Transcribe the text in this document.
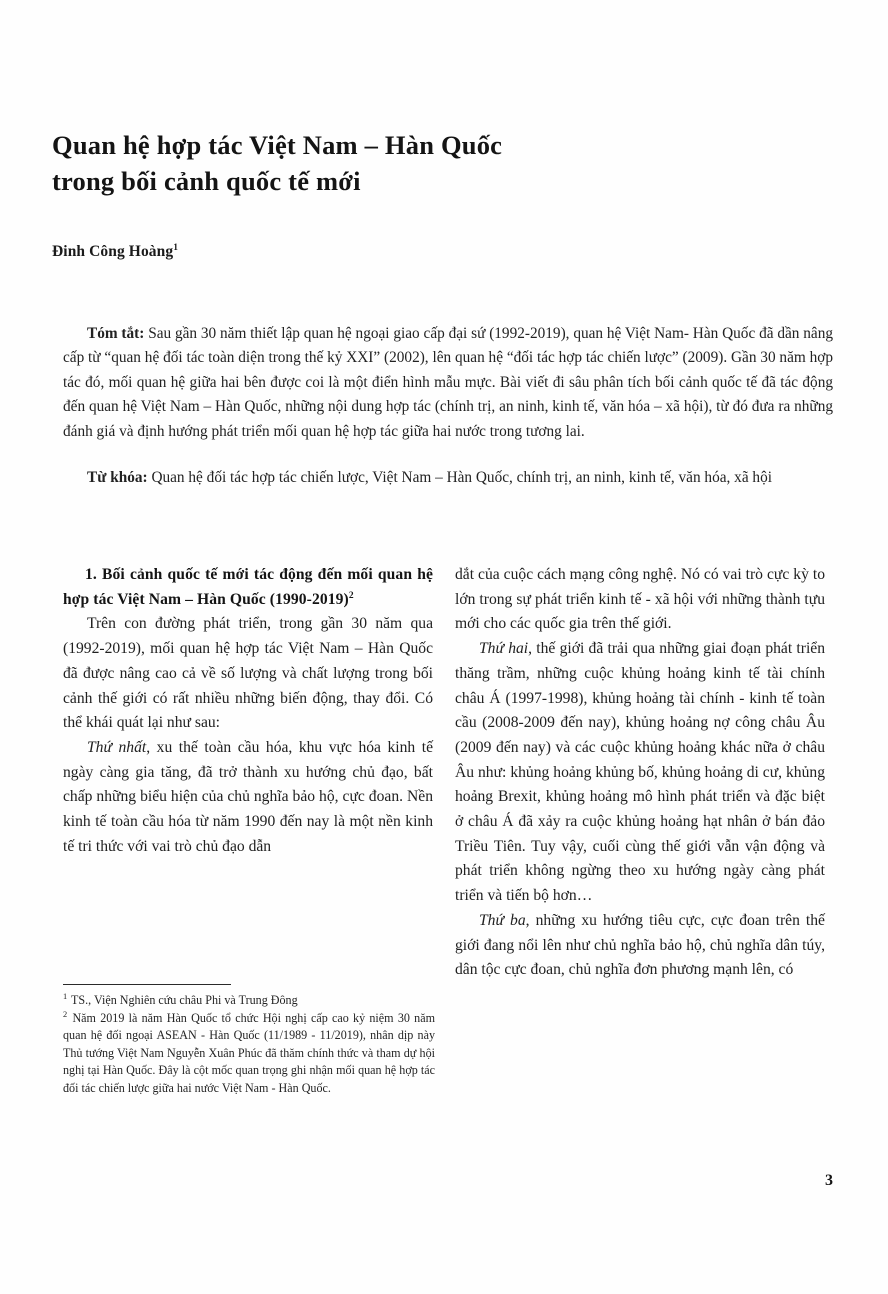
Quan hệ hợp tác Việt Nam – Hàn Quốc
trong bối cảnh quốc tế mới
Đinh Công Hoàng$^1$

Tóm tắt: Sau gần 30 năm thiết lập quan hệ ngoại giao cấp đại sứ (1992-2019), quan hệ Việt Nam- Hàn Quốc đã dần nâng cấp từ “quan hệ đối tác toàn diện trong thế kỷ XXI” (2002), lên quan hệ “đối tác hợp tác chiến lược” (2009). Gần 30 năm hợp tác đó, mối quan hệ giữa hai bên được coi là một điển hình mẫu mực. Bài viết đi sâu phân tích bối cảnh quốc tế đã tác động đến quan hệ Việt Nam – Hàn Quốc, những nội dung hợp tác (chính trị, an ninh, kinh tế, văn hóa – xã hội), từ đó đưa ra những đánh giá và định hướng phát triển mối quan hệ hợp tác giữa hai nước trong tương lai.

Từ khóa: Quan hệ đối tác hợp tác chiến lược, Việt Nam – Hàn Quốc, chính trị, an ninh, kinh tế, văn hóa, xã hội

1. Bối cảnh quốc tế mới tác động đến mối quan hệ hợp tác Việt Nam – Hàn Quốc (1990-2019)$^2$

Trên con đường phát triển, trong gần 30 năm qua (1992-2019), mối quan hệ hợp tác Việt Nam – Hàn Quốc đã được nâng cao cả về số lượng và chất lượng trong bối cảnh thế giới có rất nhiều những biến động, thay đổi. Có thể khái quát lại như sau:

Thứ nhất, xu thế toàn cầu hóa, khu vực hóa kinh tế ngày càng gia tăng, đã trở thành xu hướng chủ đạo, bất chấp những biểu hiện của chủ nghĩa bảo hộ, cực đoan. Nền kinh tế toàn cầu hóa từ năm 1990 đến nay là một nền kinh tế tri thức với vai trò chủ đạo dẫn

dắt của cuộc cách mạng công nghệ. Nó có vai trò cực kỳ to lớn trong sự phát triển kinh tế - xã hội với những thành tựu mới cho các quốc gia trên thế giới.

Thứ hai, thế giới đã trải qua những giai đoạn phát triển thăng trầm, những cuộc khủng hoảng kinh tế tài chính châu Á (1997-1998), khủng hoảng tài chính - kinh tế toàn cầu (2008-2009 đến nay), khủng hoảng nợ công châu Âu (2009 đến nay) và các cuộc khủng hoảng khác nữa ở châu Âu như: khủng hoảng khủng bố, khủng hoảng di cư, khủng hoảng Brexit, khủng hoảng mô hình phát triển và đặc biệt ở châu Á đã xảy ra cuộc khủng hoảng hạt nhân ở bán đảo Triều Tiên. Tuy vậy, cuối cùng thế giới vẫn vận động và phát triển không ngừng theo xu hướng ngày càng phát triển và tiến bộ hơn…

Thứ ba, những xu hướng tiêu cực, cực đoan trên thế giới đang nổi lên như chủ nghĩa bảo hộ, chủ nghĩa dân túy, dân tộc cực đoan, chủ nghĩa đơn phương mạnh lên, có

$^1$ TS., Viện Nghiên cứu châu Phi và Trung Đông

$^2$ Năm 2019 là năm Hàn Quốc tổ chức Hội nghị cấp cao kỷ niệm 30 năm quan hệ đối ngoại ASEAN - Hàn Quốc (11/1989 - 11/2019), nhân dịp này Thủ tướng Việt Nam Nguyễn Xuân Phúc đã thăm chính thức và tham dự hội nghị tại Hàn Quốc. Đây là cột mốc quan trọng ghi nhận mối quan hệ hợp tác đối tác chiến lược giữa hai nước Việt Nam - Hàn Quốc.

3
